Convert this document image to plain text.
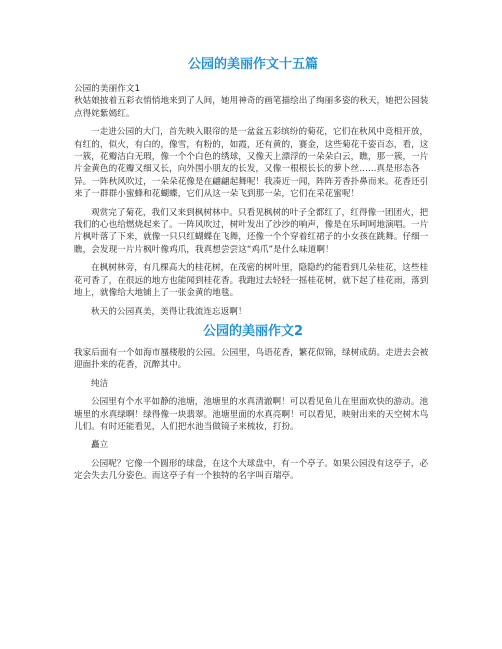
公园的美丽作文十五篇

公园的美丽作文1

秋姑娘披着五彩衣悄悄地来到了人间，她用神奇的画笔描绘出了绚丽多姿的秋天，她把公园装点得姹紫嫣红。

一走进公园的大门，首先映入眼帘的是一盆盆五彩缤纷的菊花，它们在秋风中竞相开放，有红的，似火，有白的，像雪，有粉的，如霞，还有黄的，赛金，这些菊花千姿百态，看，这一簇，花瓣洁白无瑕，像一个个白色的绣球，又像天上漂浮的一朵朵白云，瞧，那一簇，一片片金黄色的花瓣又细又长，向外围小朋友的长发，又像一根根长长的萝卜丝……真是形态各异。一阵秋风吹过，一朵朵花像是在翩翩起舞呢！我凑近一闻，阵阵芳香扑鼻而来。花香还引来了一群群小蜜蜂和花蝴蝶，它们从这一朵飞到那一朵，它们在采花蜜呢！

观赏完了菊花，我们又来到枫树林中。只看见枫树的叶子全都红了，红得像一团团火，把我们的心也给燃烧起来了。一阵风吹过，树叶发出了沙沙的响声，像是在乐呵呵地演唱。一片片枫叶落了下来，就像一只只红蝴蝶在飞舞，还像一个个穿着红裙子的小女孩在跳舞。仔细一瞧，会发现一片片枫叶像鸡爪，我真想尝尝这“鸡爪”是什么味道啊！

在枫树林旁，有几棵高大的桂花树，在茂密的树叶里，隐隐约约能看到几朵桂花，这些桂花可香了，在很远的地方也能闻到桂花香。我跑过去轻轻一摇桂花树，就下起了桂花雨，落到地上，就像给大地铺上了一张金黄的地毯。

秋天的公园真美，美得让我流连忘返啊！

公园的美丽作文2

我家后面有一个如海市蜃楼般的公园。公园里，鸟语花香，繁花似锦，绿树成荫。走进去会被迎面扑来的花香，沉醉其中。

纯洁

公园里有个水平如静的池塘，池塘里的水真清澈啊！可以看见鱼儿在里面欢快的游动。池塘里的水真绿啊！绿得像一块翡翠。池塘里面的水真亮啊！可以看见，映射出来的天空树木鸟儿们。有时还能看见，人们把水池当做镜子来梳妆，打扮。

矗立

公园呢？它像一个圆形的球盘，在这个大球盘中，有一个亭子。如果公园没有这亭子，必定会失去几分姿色。而这亭子有一个独特的名字叫百瑞亭。
